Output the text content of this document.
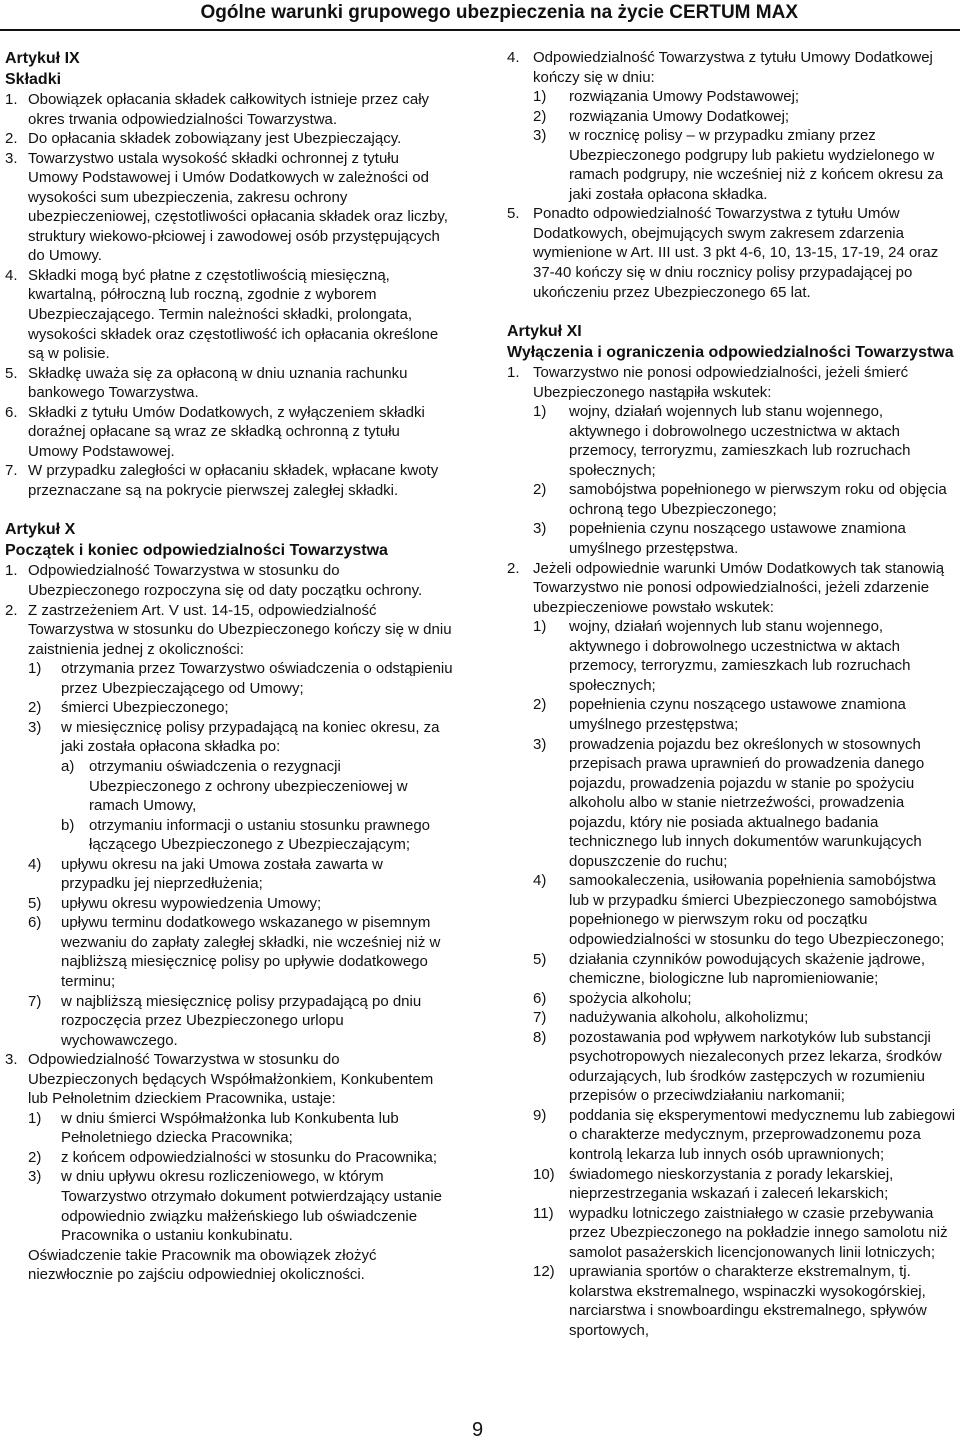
Ogólne warunki grupowego ubezpieczenia na życie CERTUM MAX
Artykuł IX
Składki
1. Obowiązek opłacania składek całkowitych istnieje przez cały okres trwania odpowiedzialności Towarzystwa.
2. Do opłacania składek zobowiązany jest Ubezpieczający.
3. Towarzystwo ustala wysokość składki ochronnej z tytułu Umowy Podstawowej i Umów Dodatkowych w zależności od wysokości sum ubezpieczenia, zakresu ochrony ubezpieczeniowej, częstotliwości opłacania składek oraz liczby, struktury wiekowo-płciowej i zawodowej osób przystępujących do Umowy.
4. Składki mogą być płatne z częstotliwością miesięczną, kwartalną, półroczną lub roczną, zgodnie z wyborem Ubezpieczającego. Termin należności składki, prolongata, wysokości składek oraz częstotliwość ich opłacania określone są w polisie.
5. Składkę uważa się za opłaconą w dniu uznania rachunku bankowego Towarzystwa.
6. Składki z tytułu Umów Dodatkowych, z wyłączeniem składki doraźnej opłacane są wraz ze składką ochronną z tytułu Umowy Podstawowej.
7. W przypadku zaległości w opłacaniu składek, wpłacane kwoty przeznaczane są na pokrycie pierwszej zaległej składki.
Artykuł X
Początek i koniec odpowiedzialności Towarzystwa
1. Odpowiedzialność Towarzystwa w stosunku do Ubezpieczonego rozpoczyna się od daty początku ochrony.
2. Z zastrzeżeniem Art. V ust. 14-15, odpowiedzialność Towarzystwa w stosunku do Ubezpieczonego kończy się w dniu zaistnienia jednej z okoliczności:
1)	otrzymania przez Towarzystwo oświadczenia o odstąpieniu przez Ubezpieczającego od Umowy;
2)	śmierci Ubezpieczonego;
3)	w miesięcznicę polisy przypadającą na koniec okresu, za jaki została opłacona składka po:
a) otrzymaniu oświadczenia o rezygnacji Ubezpieczonego z ochrony ubezpieczeniowej w ramach Umowy,
b) otrzymaniu informacji o ustaniu stosunku prawnego łączącego Ubezpieczonego z Ubezpieczającym;
4)	upływu okresu na jaki Umowa została zawarta w przypadku jej nieprzedłużenia;
5)	upływu okresu wypowiedzenia Umowy;
6)	upływu terminu dodatkowego wskazanego w pisemnym wezwaniu do zapłaty zaległej składki, nie wcześniej niż w najbliższą miesięcznicę polisy po upływie dodatkowego terminu;
7)	w najbliższą miesięcznicę polisy przypadającą po dniu rozpoczęcia przez Ubezpieczonego urlopu wychowawczego.
3. Odpowiedzialność Towarzystwa w stosunku do Ubezpieczonych będących Współmałżonkiem, Konkubentem lub Pełnoletnim dzieckiem Pracownika, ustaje:
1)	w dniu śmierci Współmałżonka lub Konkubenta lub Pełnoletniego dziecka Pracownika;
2)	z końcem odpowiedzialności w stosunku do Pracownika;
3)	w dniu upływu okresu rozliczeniowego, w którym Towarzystwo otrzymało dokument potwierdzający ustanie odpowiednio związku małżeńskiego lub oświadczenie Pracownika o ustaniu konkubinatu.
Oświadczenie takie Pracownik ma obowiązek złożyć niezwłocznie po zajściu odpowiedniej okoliczności.
4. Odpowiedzialność Towarzystwa z tytułu Umowy Dodatkowej kończy się w dniu:
1)	rozwiązania Umowy Podstawowej;
2)	rozwiązania Umowy Dodatkowej;
3)	w rocznicę polisy – w przypadku zmiany przez Ubezpieczonego podgrupy lub pakietu wydzielonego w ramach podgrupy, nie wcześniej niż z końcem okresu za jaki została opłacona składka.
5. Ponadto odpowiedzialność Towarzystwa z tytułu Umów Dodatkowych, obejmujących swym zakresem zdarzenia wymienione w Art. III ust. 3 pkt 4-6, 10, 13-15, 17-19, 24 oraz 37-40 kończy się w dniu rocznicy polisy przypadającej po ukończeniu przez Ubezpieczonego 65 lat.
Artykuł XI
Wyłączenia i ograniczenia odpowiedzialności Towarzystwa
1. Towarzystwo nie ponosi odpowiedzialności, jeżeli śmierć Ubezpieczonego nastąpiła wskutek:
1)	wojny, działań wojennych lub stanu wojennego, aktywnego i dobrowolnego uczestnictwa w aktach przemocy, terroryzmu, zamieszkach lub rozruchach społecznych;
2)	samobójstwa popełnionego w pierwszym roku od objęcia ochroną tego Ubezpieczonego;
3)	popełnienia czynu noszącego ustawowe znamiona umyślnego przestępstwa.
2. Jeżeli odpowiednie warunki Umów Dodatkowych tak stanowią Towarzystwo nie ponosi odpowiedzialności, jeżeli zdarzenie ubezpieczeniowe powstało wskutek:
1)	wojny, działań wojennych lub stanu wojennego, aktywnego i dobrowolnego uczestnictwa w aktach przemocy, terroryzmu, zamieszkach lub rozruchach społecznych;
2)	popełnienia czynu noszącego ustawowe znamiona umyślnego przestępstwa;
3)	prowadzenia pojazdu bez określonych w stosownych przepisach prawa uprawnień do prowadzenia danego pojazdu, prowadzenia pojazdu w stanie po spożyciu alkoholu albo w stanie nietrzeźwości, prowadzenia pojazdu, który nie posiada aktualnego badania technicznego lub innych dokumentów warunkujących dopuszczenie do ruchu;
4)	samookaleczenia, usiłowania popełnienia samobójstwa lub w przypadku śmierci Ubezpieczonego samobójstwa popełnionego w pierwszym roku od początku odpowiedzialności w stosunku do tego Ubezpieczonego;
5)	działania czynników powodujących skażenie jądrowe, chemiczne, biologiczne lub napromieniowanie;
6)	spożycia alkoholu;
7)	nadużywania alkoholu, alkoholizmu;
8)	pozostawania pod wpływem narkotyków lub substancji psychotropowych niezaleconych przez lekarza, środków odurzających, lub środków zastępczych w rozumieniu przepisów o przeciwdziałaniu narkomanii;
9)	poddania się eksperymentowi medycznemu lub zabiegowi o charakterze medycznym, przeprowadzonemu poza kontrolą lekarza lub innych osób uprawnionych;
10) świadomego nieskorzystania z porady lekarskiej, nieprzestrzegania wskazań i zaleceń lekarskich;
11)	wypadku lotniczego zaistniałego w czasie przebywania przez Ubezpieczonego na pokładzie innego samolotu niż samolot pasażerskich licencjonowanych linii lotniczych;
12) uprawiania sportów o charakterze ekstremalnym, tj. kolarstwa ekstremalnego, wspinaczki wysokogórskiej, narciarstwa i snowboardingu ekstremalnego, spływów sportowych,
9
